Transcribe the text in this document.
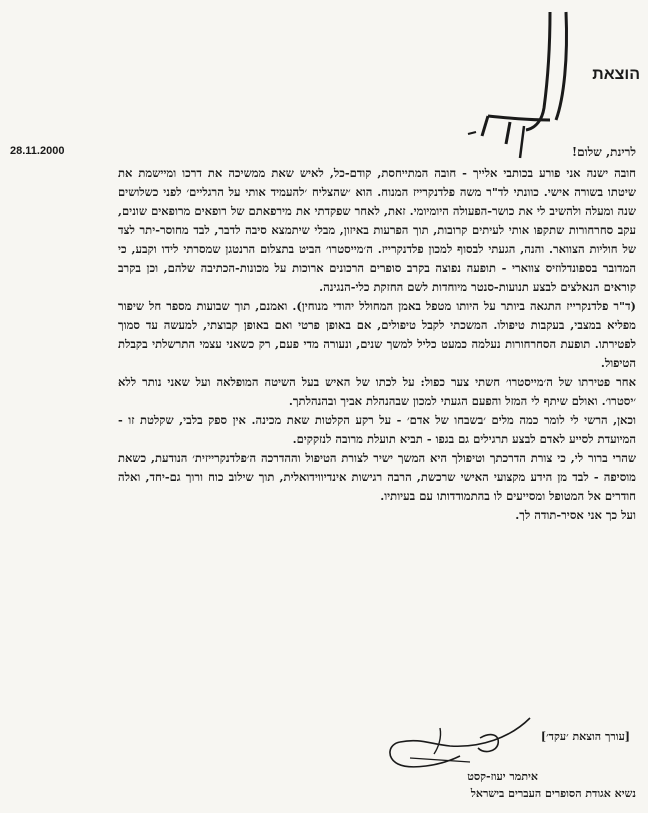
הוצאת
28.11.2000	לרינת, שלום!

חובה ישנה אני פורע בכותבי אלייך - חובה המתייחסת, קודם-כל, לאיש שאת ממשיכה את דרכו ומיישמת את שיטתו בשורה אישי. כוונתי לד"ר משה פלדנקרייז המנוח. הוא ׳שהצליח ׳להעמיד אותי על הרגליים׳ לפני כשלושים שנה ומעלה ולהשיב לי את כושר-הפעולה היומיומי. זאת, לאחר שפקדתי את מירפאתם של רופאים מרופאים שונים, עקב סחרחורות שתקפו אותי לעיתים קרובות, תוך הפרעות באיזון, מבלי שיתמצא סיבה לדבר, לבד מחוסר-יתר לצד של חוליות הצוואר. והנה, הגעתי לבסוף למכון פלדנקרייז. ה׳מייסטרו׳ הביט בתצלום הרנטגן שמסרתי לידו וקבע, כי המדובר בספונדלוזיס צווארי - תופעה נפוצה בקרב סופרים הרכונים ארוכות על מכונות-הכתיבה שלהם, וכן בקרב קוראים הנאלצים לבצע תנועות-סנטר מיוחדות לשם החזקת כלי-הנגינה.

(ד"ר פלדנקרייז התגאה ביותר על היותו מטפל באמן המחולל יהודי מנוחין). ואמנם, תוך שבועות מספר חל שיפור מפליא במצבי, בעקבות טיפולו. המשכתי לקבל טיפולים, אם באופן פרטי ואם באופן קבוצתי, למעשה עד סמוך לפטירתו. תופעת הסחרחורות נעלמה כמעט כליל למשך שנים, ונעורה מדי פעם, רק כשאני עצמי התרשלתי בקבלת הטיפול.

אחר פטירתו של ה׳מייסטרו׳ חשתי צער כפול: על לכתו של האיש בעל השיטה המופלאה ועל שאני נותר ללא ׳יסטרו׳. ואולם שיתף לי המזל והפעם הגעתי למכון שבהנהלת אביך ובהנהלתך.

וכאן, הרשי לי לומר כמה מלים ׳בשבחו של אדם׳ - על רקע הקלטות שאת מכינה. אין ספק בלבי, שקלטת זו - המיועדת לסייע לאדם לבצע תרגילים גם בגפו - תביא תועלת מרובה לנזקקים.

שהרי ברור לי, כי צורת הדרכתך וטיפולך היא המשך ישיר לצורת הטיפול וההדרכה ה׳פלדנקרייזית׳ הנודעת, כשאת מוסיפה - לבד מן הידע מקצועי האישי שרכשת, הרבה רגישות אינדיווידואלית, תוך שילוב כוח ורוך גם-יחד, ואלה חודרים אל המטופל ומסייעים לו בהתמודדותו עם בעיותיו.

ועל כך אני אסיר-תודה לך.

[עורך הוצאת ׳עקד׳]
איתמר יעוז-קסט
נשיא אגודת הסופרים העברים בישראל
